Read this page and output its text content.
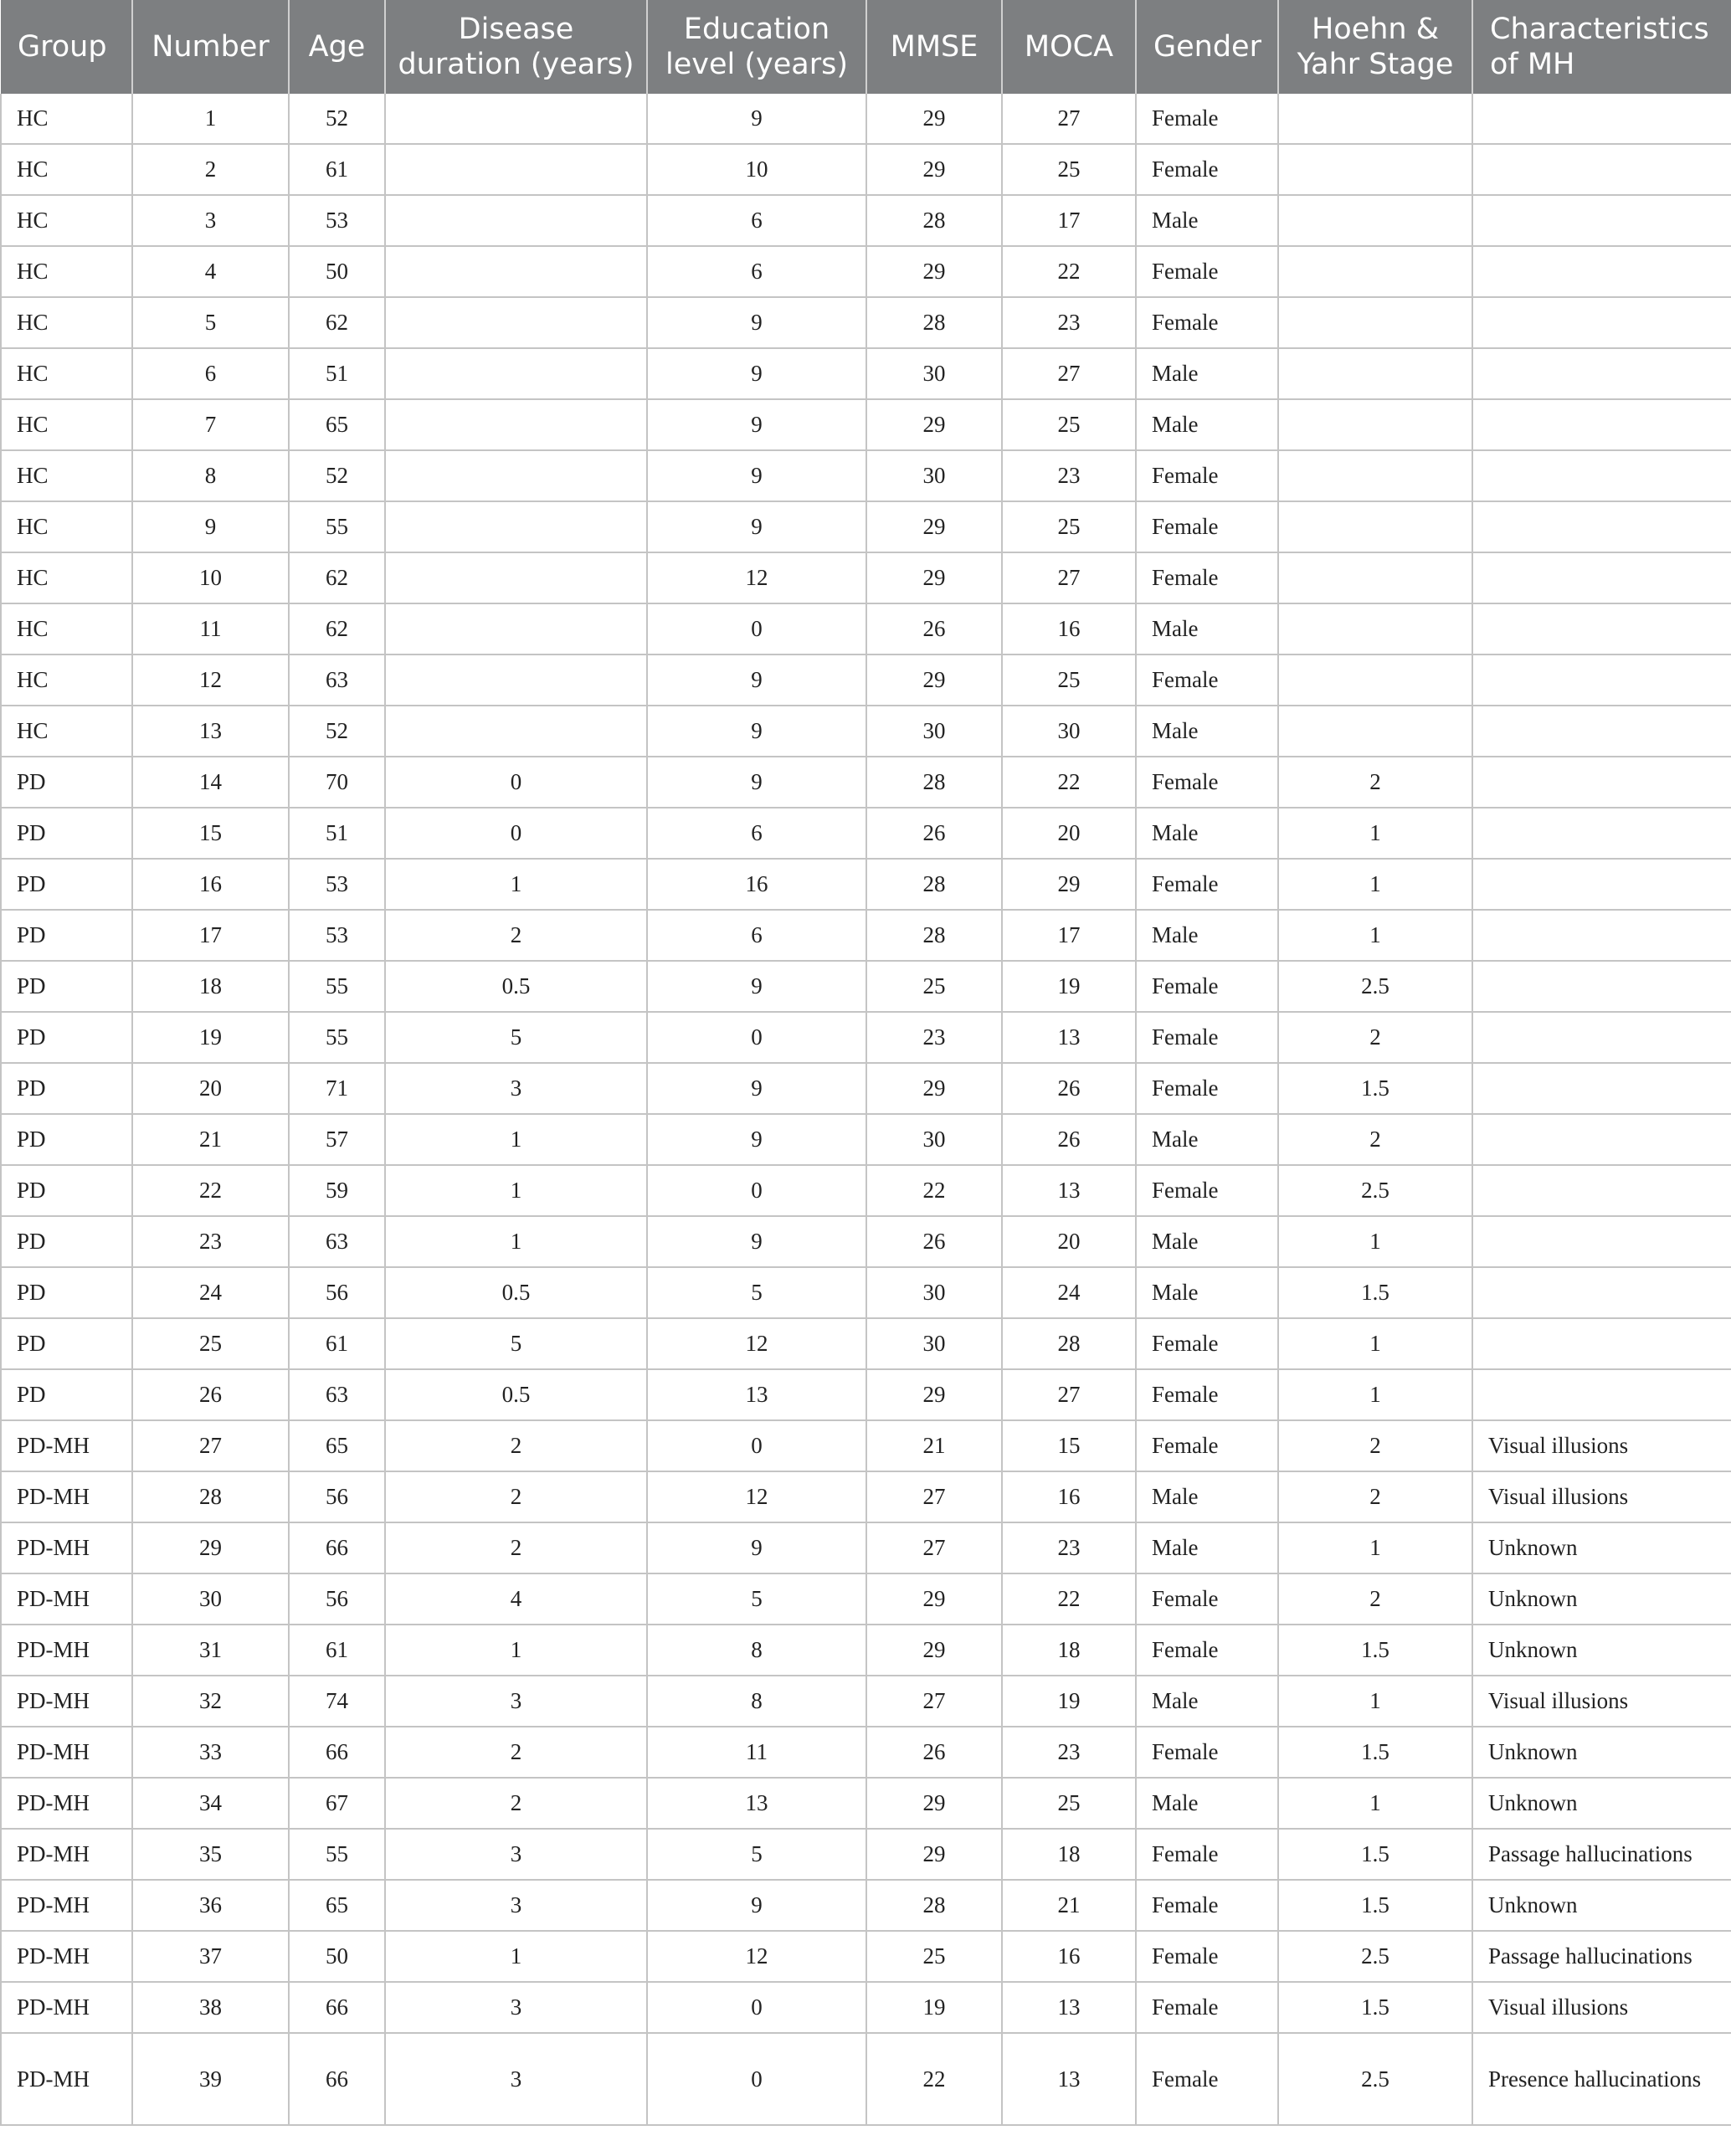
Group	Number	Age	Disease duration (years)	Education level (years)	MMSE	MOCA	Gender	Hoehn & Yahr Stage	Characteristics of MH
HC	1	52		9	29	27	Female		
HC	2	61		10	29	25	Female		
HC	3	53		6	28	17	Male		
HC	4	50		6	29	22	Female		
HC	5	62		9	28	23	Female		
HC	6	51		9	30	27	Male		
HC	7	65		9	29	25	Male		
HC	8	52		9	30	23	Female		
HC	9	55		9	29	25	Female		
HC	10	62		12	29	27	Female		
HC	11	62		0	26	16	Male		
HC	12	63		9	29	25	Female		
HC	13	52		9	30	30	Male		
PD	14	70	0	9	28	22	Female	2	
PD	15	51	0	6	26	20	Male	1	
PD	16	53	1	16	28	29	Female	1	
PD	17	53	2	6	28	17	Male	1	
PD	18	55	0.5	9	25	19	Female	2.5	
PD	19	55	5	0	23	13	Female	2	
PD	20	71	3	9	29	26	Female	1.5	
PD	21	57	1	9	30	26	Male	2	
PD	22	59	1	0	22	13	Female	2.5	
PD	23	63	1	9	26	20	Male	1	
PD	24	56	0.5	5	30	24	Male	1.5	
PD	25	61	5	12	30	28	Female	1	
PD	26	63	0.5	13	29	27	Female	1	
PD-MH	27	65	2	0	21	15	Female	2	Visual illusions
PD-MH	28	56	2	12	27	16	Male	2	Visual illusions
PD-MH	29	66	2	9	27	23	Male	1	Unknown
PD-MH	30	56	4	5	29	22	Female	2	Unknown
PD-MH	31	61	1	8	29	18	Female	1.5	Unknown
PD-MH	32	74	3	8	27	19	Male	1	Visual illusions
PD-MH	33	66	2	11	26	23	Female	1.5	Unknown
PD-MH	34	67	2	13	29	25	Male	1	Unknown
PD-MH	35	55	3	5	29	18	Female	1.5	Passage hallucinations
PD-MH	36	65	3	9	28	21	Female	1.5	Unknown
PD-MH	37	50	1	12	25	16	Female	2.5	Passage hallucinations
PD-MH	38	66	3	0	19	13	Female	1.5	Visual illusions
PD-MH	39	66	3	0	22	13	Female	2.5	Presence hallucinations
